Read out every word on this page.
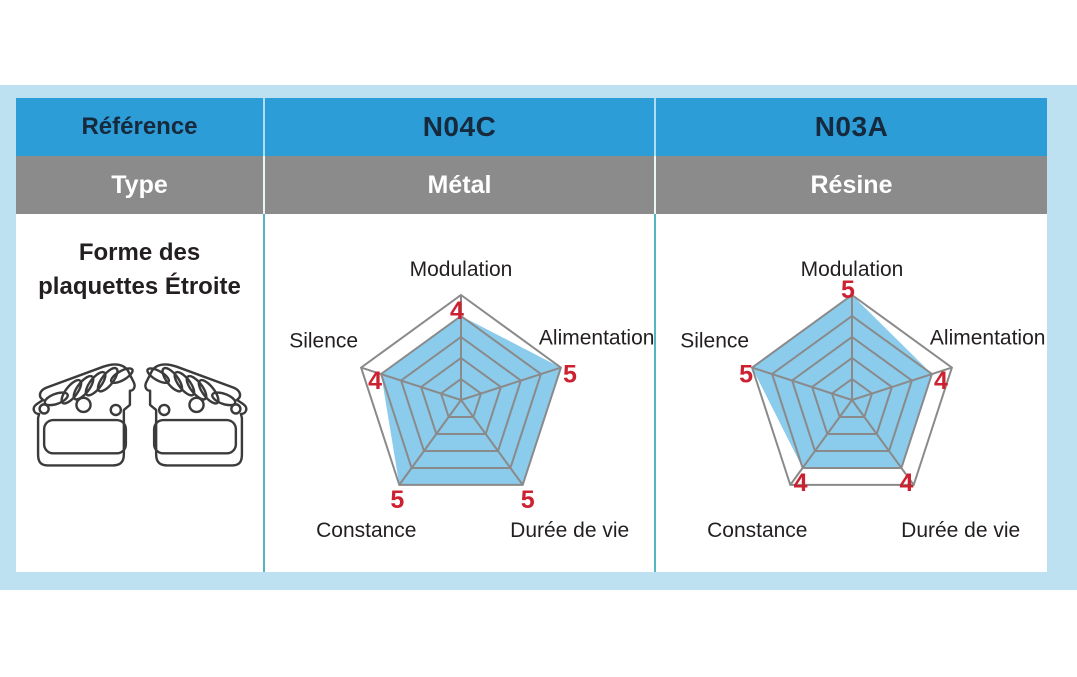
Référence	N04C	N03A
Type	Métal	Résine
Forme des plaquettes Étroite
Modulation
Alimentation
Durée de vie
Constance
Silence
4
5
5
5
4
Modulation
Alimentation
Durée de vie
Constance
Silence
5
4
4
4
5
